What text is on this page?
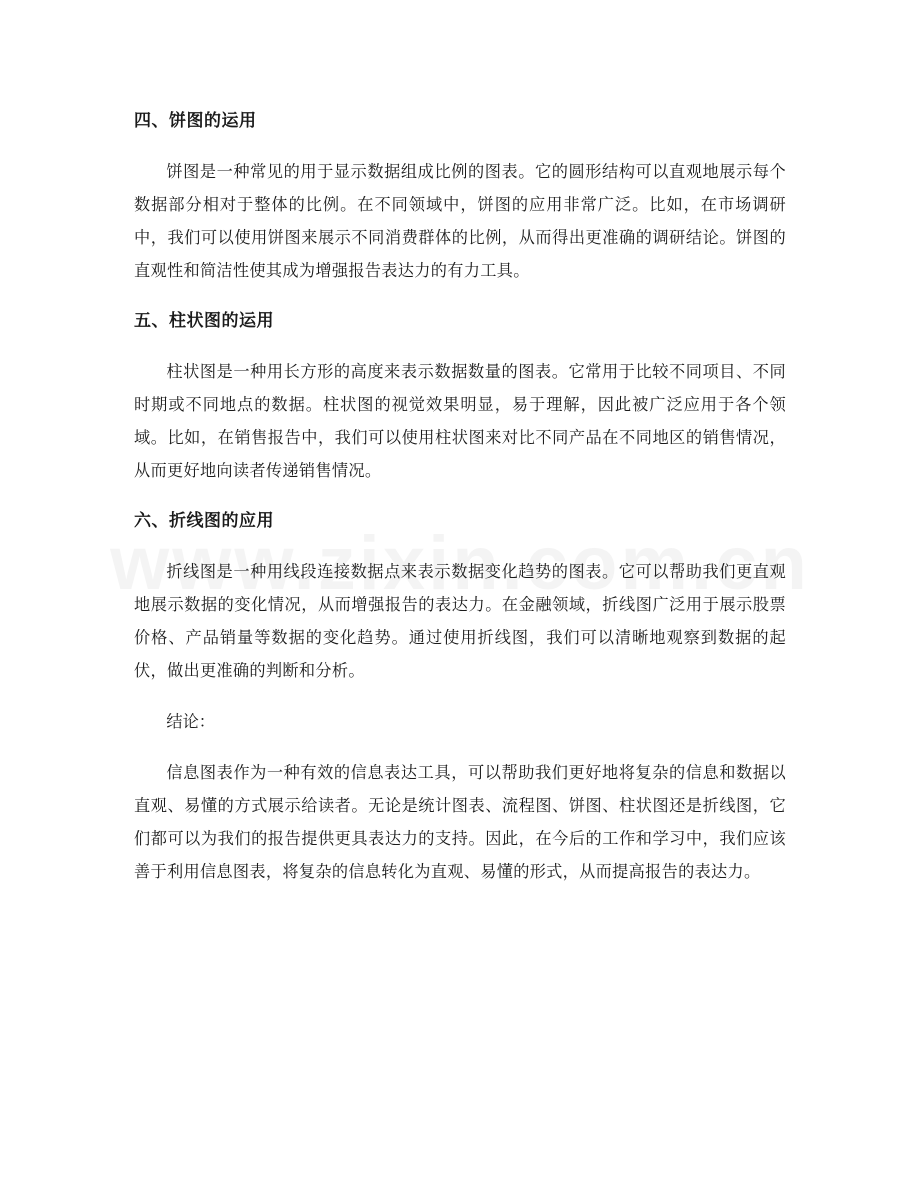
四、饼图的运用

饼图是一种常见的用于显示数据组成比例的图表。它的圆形结构可以直观地展示每个数据部分相对于整体的比例。在不同领域中，饼图的应用非常广泛。比如，在市场调研中，我们可以使用饼图来展示不同消费群体的比例，从而得出更准确的调研结论。饼图的直观性和简洁性使其成为增强报告表达力的有力工具。

五、柱状图的运用

柱状图是一种用长方形的高度来表示数据数量的图表。它常用于比较不同项目、不同时期或不同地点的数据。柱状图的视觉效果明显，易于理解，因此被广泛应用于各个领域。比如，在销售报告中，我们可以使用柱状图来对比不同产品在不同地区的销售情况，从而更好地向读者传递销售情况。

六、折线图的应用

折线图是一种用线段连接数据点来表示数据变化趋势的图表。它可以帮助我们更直观地展示数据的变化情况，从而增强报告的表达力。在金融领域，折线图广泛用于展示股票价格、产品销量等数据的变化趋势。通过使用折线图，我们可以清晰地观察到数据的起伏，做出更准确的判断和分析。

结论：

信息图表作为一种有效的信息表达工具，可以帮助我们更好地将复杂的信息和数据以直观、易懂的方式展示给读者。无论是统计图表、流程图、饼图、柱状图还是折线图，它们都可以为我们的报告提供更具表达力的支持。因此，在今后的工作和学习中，我们应该善于利用信息图表，将复杂的信息转化为直观、易懂的形式，从而提高报告的表达力。
